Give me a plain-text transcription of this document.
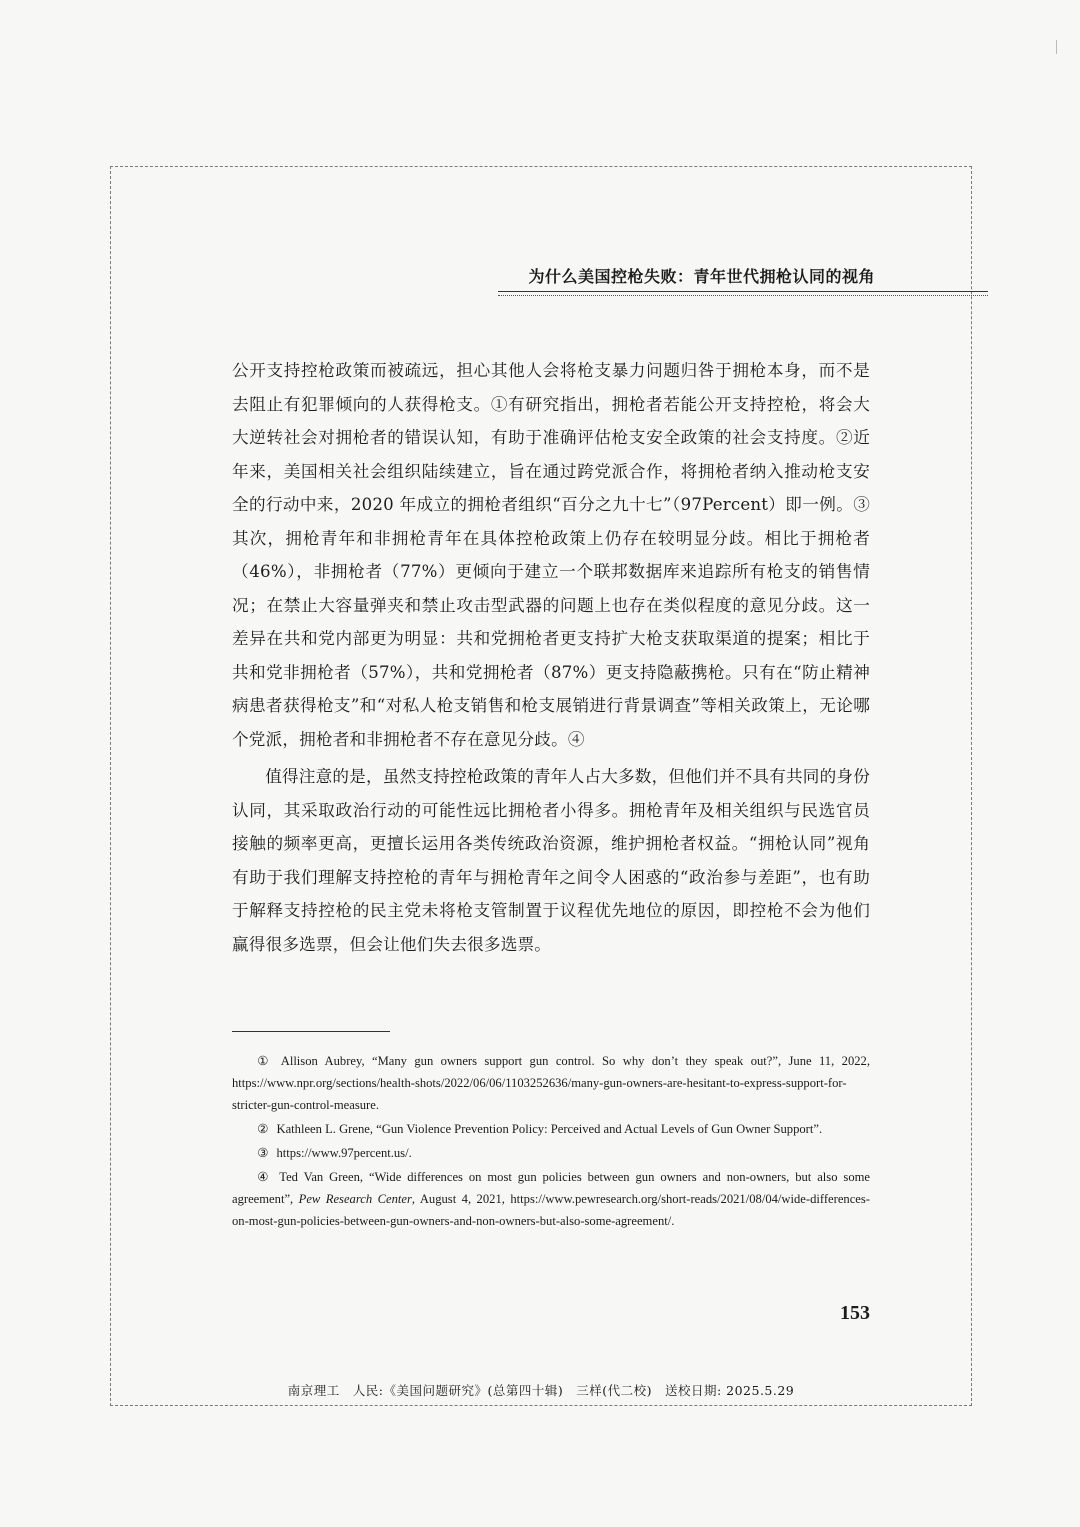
为什么美国控枪失败：青年世代拥枪认同的视角

公开支持控枪政策而被疏远，担心其他人会将枪支暴力问题归咎于拥枪本身，而不是去阻止有犯罪倾向的人获得枪支。①有研究指出，拥枪者若能公开支持控枪，将会大大逆转社会对拥枪者的错误认知，有助于准确评估枪支安全政策的社会支持度。②近年来，美国相关社会组织陆续建立，旨在通过跨党派合作，将拥枪者纳入推动枪支安全的行动中来，2020 年成立的拥枪者组织“百分之九十七”（97Percent）即一例。③其次，拥枪青年和非拥枪青年在具体控枪政策上仍存在较明显分歧。相比于拥枪者（46%），非拥枪者（77%）更倾向于建立一个联邦数据库来追踪所有枪支的销售情况；在禁止大容量弹夹和禁止攻击型武器的问题上也存在类似程度的意见分歧。这一差异在共和党内部更为明显：共和党拥枪者更支持扩大枪支获取渠道的提案；相比于共和党非拥枪者（57%），共和党拥枪者（87%）更支持隐蔽携枪。只有在“防止精神病患者获得枪支”和“对私人枪支销售和枪支展销进行背景调查”等相关政策上，无论哪个党派，拥枪者和非拥枪者不存在意见分歧。④

值得注意的是，虽然支持控枪政策的青年人占大多数，但他们并不具有共同的身份认同，其采取政治行动的可能性远比拥枪者小得多。拥枪青年及相关组织与民选官员接触的频率更高，更擅长运用各类传统政治资源，维护拥枪者权益。“拥枪认同”视角有助于我们理解支持控枪的青年与拥枪青年之间令人困惑的“政治参与差距”，也有助于解释支持控枪的民主党未将枪支管制置于议程优先地位的原因，即控枪不会为他们赢得很多选票，但会让他们失去很多选票。

① Allison Aubrey, “Many gun owners support gun control. So why don’t they speak out?”, June 11, 2022, https://www.npr.org/sections/health-shots/2022/06/06/1103252636/many-gun-owners-are-hesitant-to-express-support-for-stricter-gun-control-measure.

② Kathleen L. Grene, “Gun Violence Prevention Policy: Perceived and Actual Levels of Gun Owner Support”.

③ https://www.97percent.us/.

④ Ted Van Green, “Wide differences on most gun policies between gun owners and non-owners, but also some agreement”, Pew Research Center, August 4, 2021, https://www.pewresearch.org/short-reads/2021/08/04/wide-differences-on-most-gun-policies-between-gun-owners-and-non-owners-but-also-some-agreement/.

153
南京理工　人民:《美国问题研究》(总第四十辑)　三样(代二校)　送校日期: 2025.5.29
